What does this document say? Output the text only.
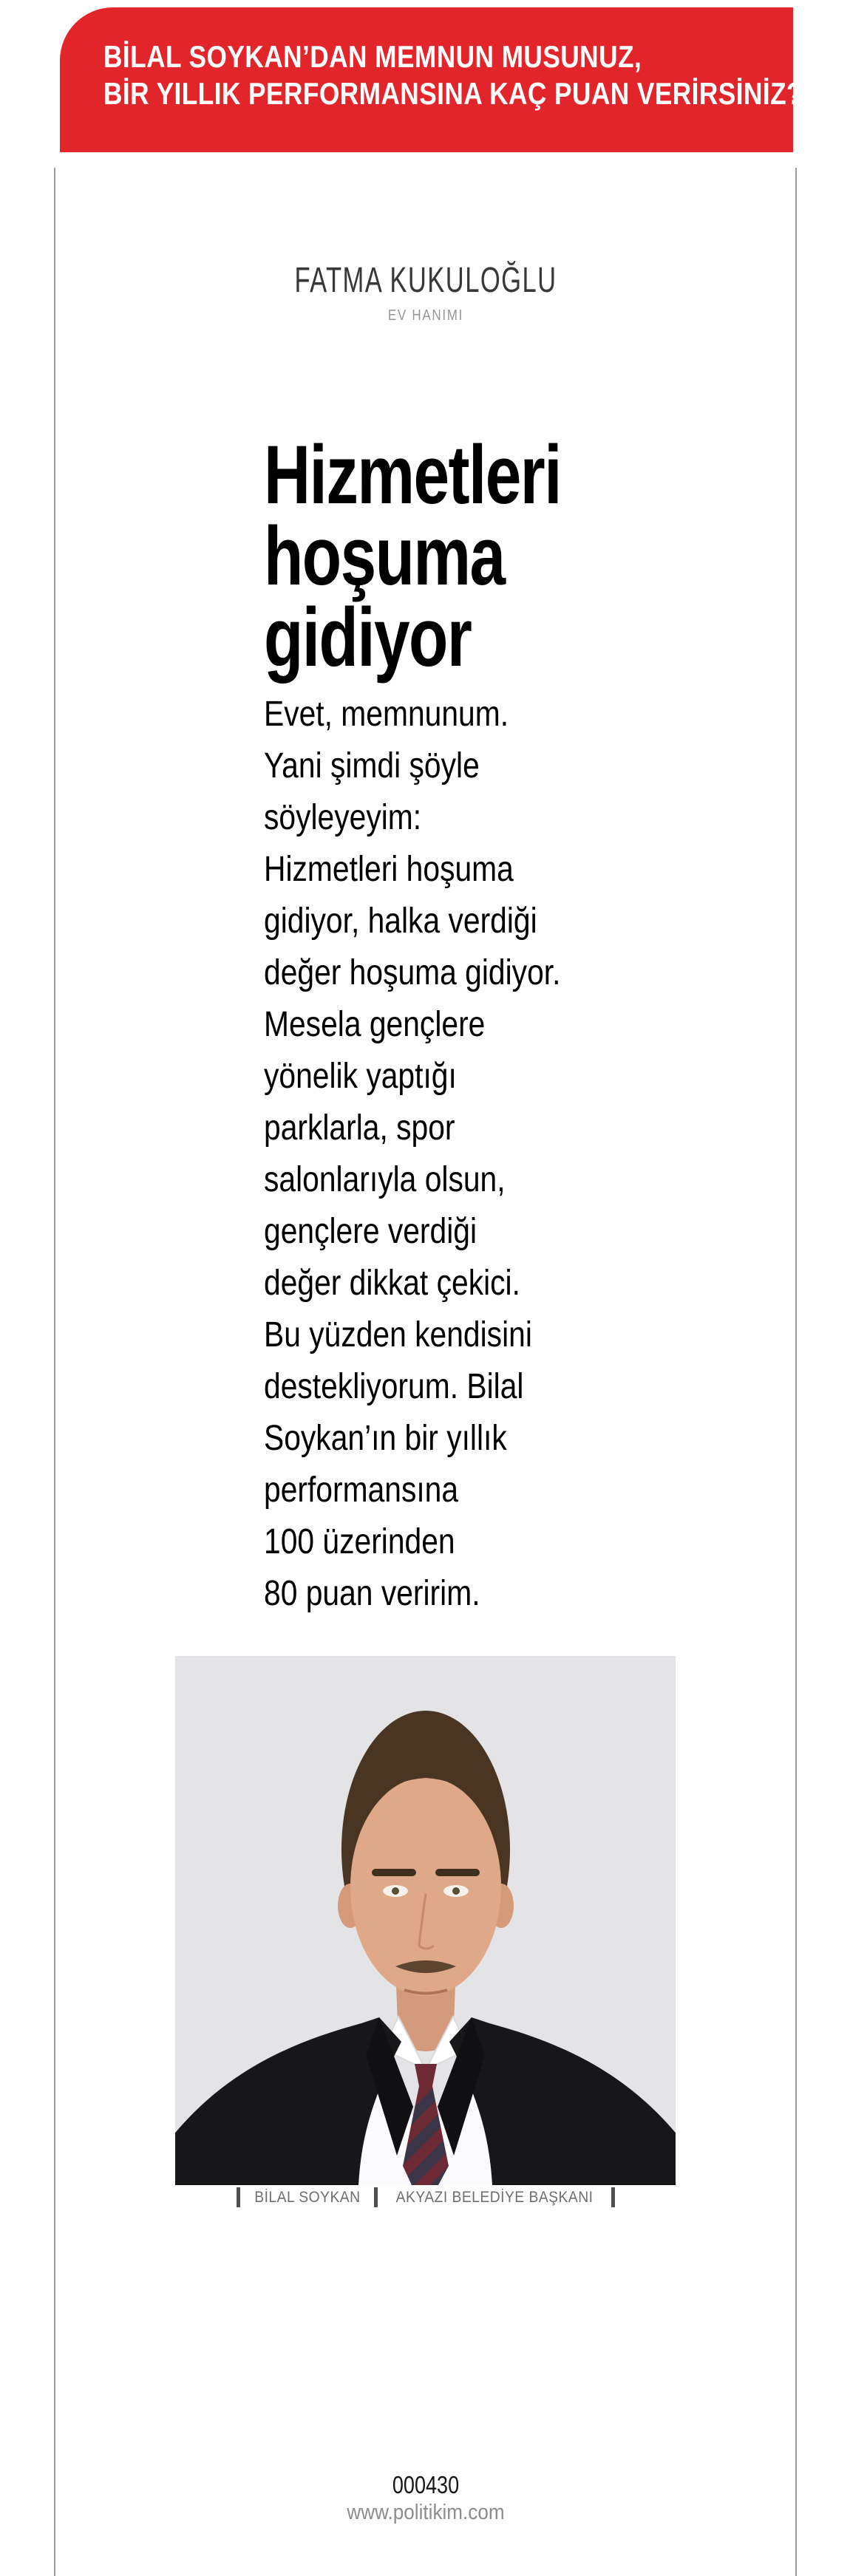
BİLAL SOYKAN’DAN MEMNUN MUSUNUZ,
BİR YILLIK PERFORMANSINA KAÇ PUAN VERİRSİNİZ?
FATMA KUKULOĞLU
EV HANIMI
Hizmetleri
hoşuma
gidiyor
Evet, memnunum.
Yani şimdi şöyle
söyleyeyim:
Hizmetleri hoşuma
gidiyor, halka verdiği
değer hoşuma gidiyor.
Mesela gençlere
yönelik yaptığı
parklarla, spor
salonlarıyla olsun,
gençlere verdiği
değer dikkat çekici.
Bu yüzden kendisini
destekliyorum. Bilal
Soykan’ın bir yıllık
performansına
100 üzerinden
80 puan veririm.
BİLAL SOYKAN AKYAZI BELEDİYE BAŞKANI
000430
www.politikim.com
